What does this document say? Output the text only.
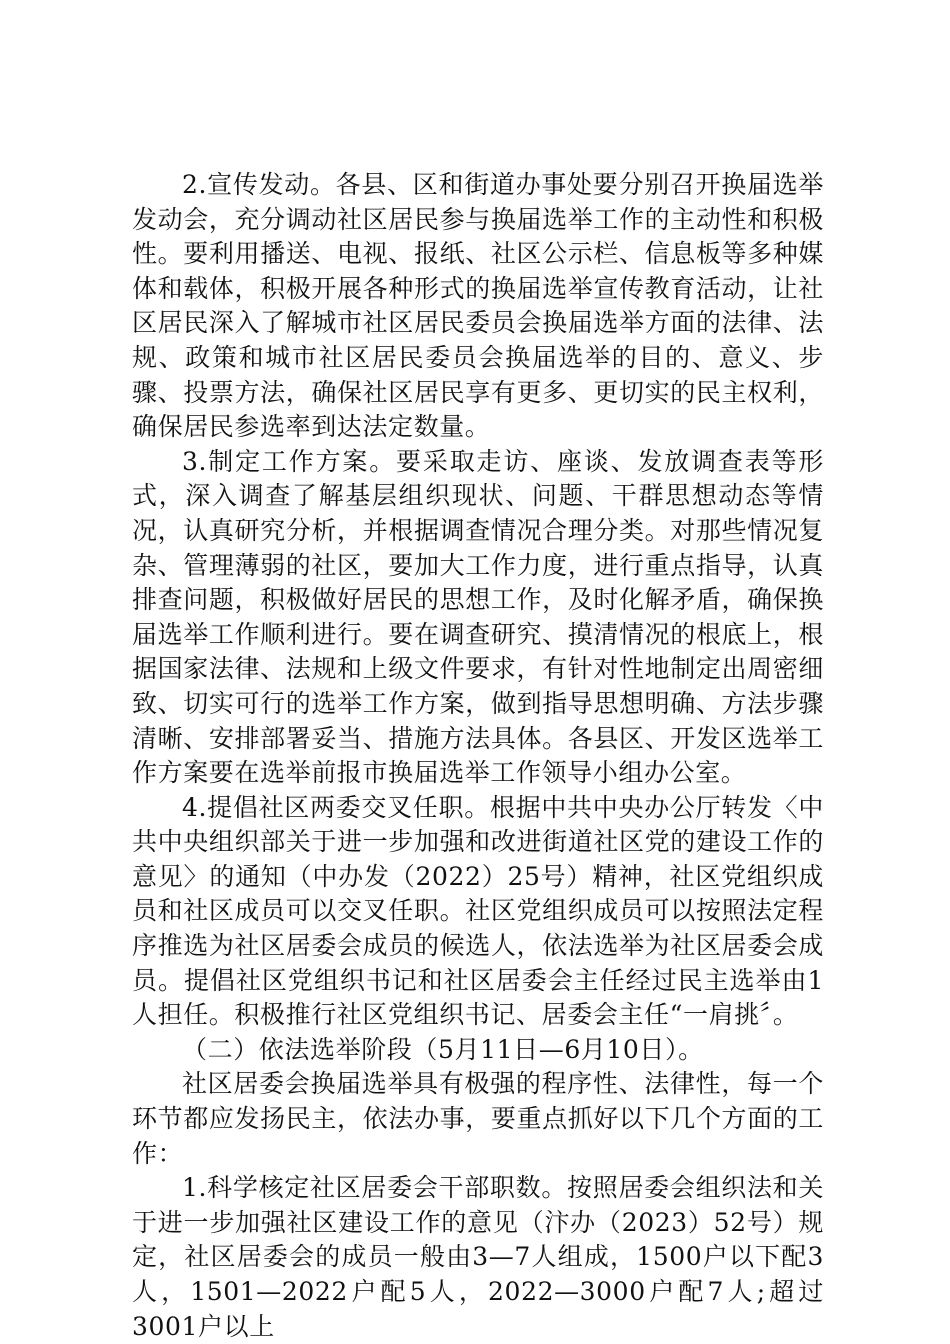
2.宣传发动。各县、区和街道办事处要分别召开换届选举发动会，充分调动社区居民参与换届选举工作的主动性和积极性。要利用播送、电视、报纸、社区公示栏、信息板等多种媒体和载体，积极开展各种形式的换届选举宣传教育活动，让社区居民深入了解城市社区居民委员会换届选举方面的法律、法规、政策和城市社区居民委员会换届选举的目的、意义、步骤、投票方法，确保社区居民享有更多、更切实的民主权利，确保居民参选率到达法定数量。

3.制定工作方案。要采取走访、座谈、发放调查表等形式，深入调查了解基层组织现状、问题、干群思想动态等情况，认真研究分析，并根据调查情况合理分类。对那些情况复杂、管理薄弱的社区，要加大工作力度，进行重点指导，认真排查问题，积极做好居民的思想工作，及时化解矛盾，确保换届选举工作顺利进行。要在调查研究、摸清情况的根底上，根据国家法律、法规和上级文件要求，有针对性地制定出周密细致、切实可行的选举工作方案，做到指导思想明确、方法步骤清晰、安排部署妥当、措施方法具体。各县区、开发区选举工作方案要在选举前报市换届选举工作领导小组办公室。

4.提倡社区两委交叉任职。根据中共中央办公厅转发〈中共中央组织部关于进一步加强和改进街道社区党的建设工作的意见〉的通知（中办发（2022）25号）精神，社区党组织成员和社区成员可以交叉任职。社区党组织成员可以按照法定程序推选为社区居委会成员的候选人，依法选举为社区居委会成员。提倡社区党组织书记和社区居委会主任经过民主选举由1人担任。积极推行社区党组织书记、居委会主任“一肩挑〞。

（二）依法选举阶段（5月11日—6月10日）。

社区居委会换届选举具有极强的程序性、法律性，每一个环节都应发扬民主，依法办事，要重点抓好以下几个方面的工作：

1.科学核定社区居委会干部职数。按照居委会组织法和关于进一步加强社区建设工作的意见（汴办（2023）52号）规定，社区居委会的成员一般由3—7人组成，1500户以下配3人，1501—2022户配5人，2022—3000户配7人;超过3001户以上
